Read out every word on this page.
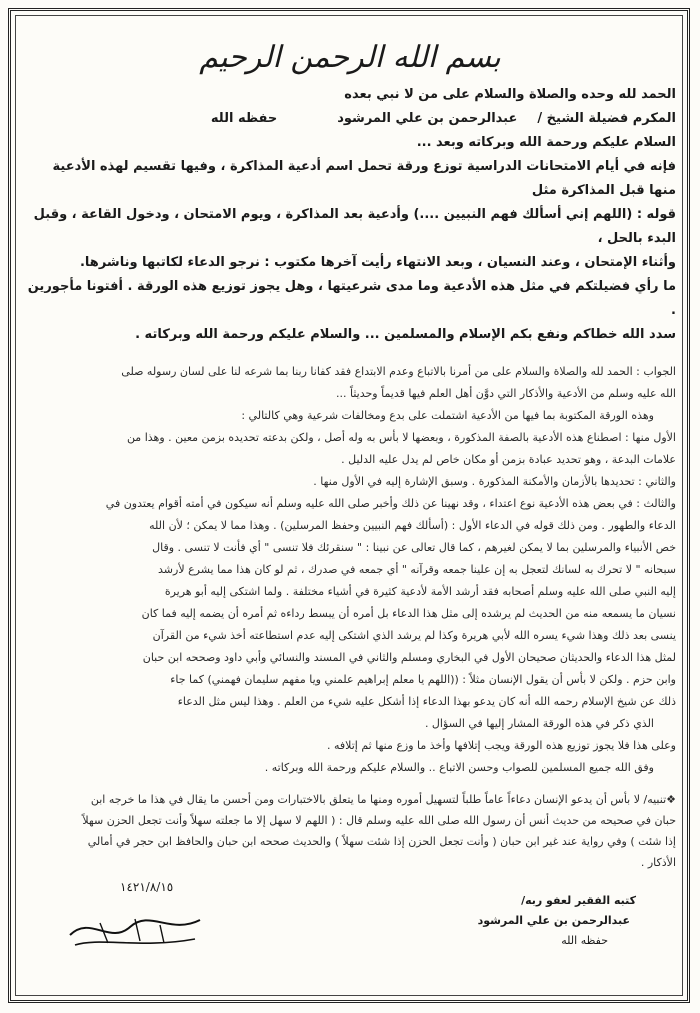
بسم الله الرحمن الرحيم

الحمد لله وحده والصلاة والسلام على من لا نبي بعده

المكرم فضيلة الشيخ /
عبدالرحمن بن علي المرشود
حفظه الله

السلام عليكم ورحمة الله وبركاته وبعد ...

فإنه في أيام الامتحانات الدراسية توزع ورقة تحمل اسم أدعية المذاكرة ، وفيها تقسيم لهذه الأدعية منها قبل المذاكرة مثل

قوله : (اللهم إني أسألك فهم النبيين ....) وأدعية بعد المذاكرة ، ويوم الامتحان ، ودخول القاعة ، وقبل البدء بالحل ،

وأثناء الإمتحان ، وعند النسيان ، وبعد الانتهاء رأيت آخرها مكتوب : نرجو الدعاء لكاتبها وناشرها.

ما رأي فضيلتكم في مثل هذه الأدعية وما مدى شرعيتها ، وهل يجوز توزيع هذه الورقة . أفتونا مأجورين .

سدد الله خطاكم ونفع بكم الإسلام والمسلمين ... والسلام عليكم ورحمة الله وبركاته .

الجواب : الحمد لله والصلاة والسلام على من أمرنا بالاتباع وعدم الابتداع فقد كفانا ربنا بما شرعه لنا على لسان رسوله صلى

الله عليه وسلم من الأدعية والأذكار التي دوَّن أهل العلم فيها قديماً وحديثاً ...

وهذه الورقة المكتوبة بما فيها من الأدعية اشتملت على بدع ومخالفات شرعية وهي كالتالي :

الأول منها : اصطناع هذه الأدعية بالصفة المذكورة ، وبعضها لا بأس به وله أصل ، ولكن بدعته تحديده بزمن معين . وهذا من

علامات البدعة ، وهو تحديد عبادة بزمن أو مكان خاص لم يدل عليه الدليل .

والثاني : تحديدها بالأزمان والأمكنة المذكورة . وسبق الإشارة إليه في الأول منها .

والثالث : في بعض هذه الأدعية نوع اعتداء ، وقد نهينا عن ذلك وأخبر صلى الله عليه وسلم أنه سيكون في أمته أقوام يعتدون في

الدعاء والطهور . ومن ذلك قوله في الدعاء الأول : (أسألك فهم النبيين وحفظ المرسلين) . وهذا مما لا يمكن ؛ لأن الله

خص الأنبياء والمرسلين بما لا يمكن لغيرهم ، كما قال تعالى عن نبينا : " سنقرئك فلا تنسى " أي فأنت لا تنسى . وقال

سبحانه " لا تحرك به لسانك لتعجل به إن علينا جمعه وقرآنه " أي جمعه في صدرك ، ثم لو كان هذا مما يشرع لأرشد

إليه النبي صلى الله عليه وسلم أصحابه فقد أرشد الأمة لأدعية كثيرة في أشياء مختلفة . ولما اشتكى إليه أبو هريرة

نسيان ما يسمعه منه من الحديث لم يرشده إلى مثل هذا الدعاء بل أمره أن يبسط رداءه ثم أمره أن يضمه إليه فما كان

ينسى بعد ذلك وهذا شيء يسره الله لأبي هريرة وكذا لم يرشد الذي اشتكى إليه عدم استطاعته أخذ شيء من القرآن

لمثل هذا الدعاء والحديثان صحيحان الأول في البخاري ومسلم والثاني في المسند والنسائي وأبي داود وصححه ابن حبان

وابن حزم . ولكن لا بأس أن يقول الإنسان مثلاً : ((اللهم يا معلم إبراهيم علمني ويا مفهم سليمان فهمني) كما جاء

ذلك عن شيخ الإسلام رحمه الله أنه كان يدعو بهذا الدعاء إذا أشكل عليه شيء من العلم . وهذا ليس مثل الدعاء

الذي ذكر في هذه الورقة المشار إليها في السؤال .

وعلى هذا فلا يجوز توزيع هذه الورقة ويجب إتلافها وأخذ ما وزع منها ثم إتلافه .

وفق الله جميع المسلمين للصواب وحسن الاتباع .. والسلام عليكم ورحمة الله وبركاته .

❖تنبيه/ لا بأس أن يدعو الإنسان دعاءاً عاماً طلباً لتسهيل أموره ومنها ما يتعلق بالاختبارات ومن أحسن ما يقال في هذا ما خرجه ابن

حبان في صحيحه من حديث أنس أن رسول الله صلى الله عليه وسلم قال : ( اللهم لا سهل إلا ما جعلته سهلاً وأنت تجعل الحزن سهلاً

إذا شئت ) وفي رواية عند غير ابن حبان ( وأنت تجعل الحزن إذا شئت سهلاً ) والحديث صححه ابن حبان والحافظ ابن حجر في أمالي

الأذكار .

كتبه الفقير لعفو ربه/

عبدالرحمن بن علي المرشود

حفظه الله

١٤٢١/٨/١٥
